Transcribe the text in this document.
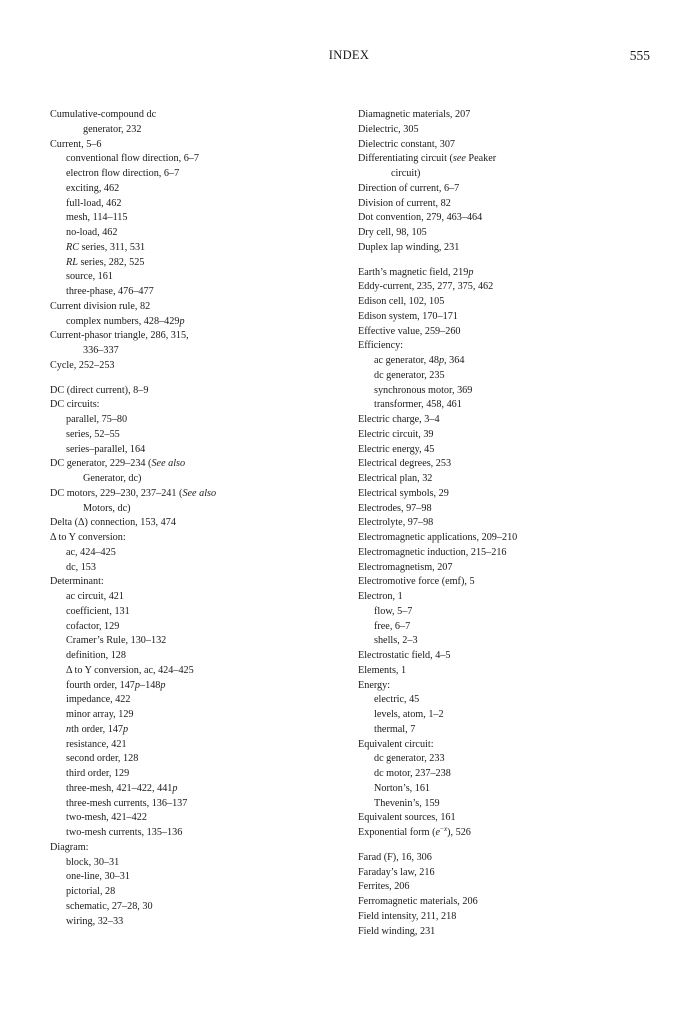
INDEX	555
Cumulative-compound dc
generator, 232
Current, 5–6
conventional flow direction, 6–7
electron flow direction, 6–7
exciting, 462
full-load, 462
mesh, 114–115
no-load, 462
RC series, 311, 531
RL series, 282, 525
source, 161
three-phase, 476–477
Current division rule, 82
complex numbers, 428–429p
Current-phasor triangle, 286, 315,
336–337
Cycle, 252–253
DC (direct current), 8–9
DC circuits:
parallel, 75–80
series, 52–55
series–parallel, 164
DC generator, 229–234 (See also
Generator, dc)
DC motors, 229–230, 237–241 (See also
Motors, dc)
Delta (Δ) connection, 153, 474
Δ to Y conversion:
ac, 424–425
dc, 153
Determinant:
ac circuit, 421
coefficient, 131
cofactor, 129
Cramer’s Rule, 130–132
definition, 128
Δ to Y conversion, ac, 424–425
fourth order, 147p–148p
impedance, 422
minor array, 129
nth order, 147p
resistance, 421
second order, 128
third order, 129
three-mesh, 421–422, 441p
three-mesh currents, 136–137
two-mesh, 421–422
two-mesh currents, 135–136
Diagram:
block, 30–31
one-line, 30–31
pictorial, 28
schematic, 27–28, 30
wiring, 32–33
Diamagnetic materials, 207
Dielectric, 305
Dielectric constant, 307
Differentiating circuit (see Peaker
circuit)
Direction of current, 6–7
Division of current, 82
Dot convention, 279, 463–464
Dry cell, 98, 105
Duplex lap winding, 231
Earth’s magnetic field, 219p
Eddy-current, 235, 277, 375, 462
Edison cell, 102, 105
Edison system, 170–171
Effective value, 259–260
Efficiency:
ac generator, 48p, 364
dc generator, 235
synchronous motor, 369
transformer, 458, 461
Electric charge, 3–4
Electric circuit, 39
Electric energy, 45
Electrical degrees, 253
Electrical plan, 32
Electrical symbols, 29
Electrodes, 97–98
Electrolyte, 97–98
Electromagnetic applications, 209–210
Electromagnetic induction, 215–216
Electromagnetism, 207
Electromotive force (emf), 5
Electron, 1
flow, 5–7
free, 6–7
shells, 2–3
Electrostatic field, 4–5
Elements, 1
Energy:
electric, 45
levels, atom, 1–2
thermal, 7
Equivalent circuit:
dc generator, 233
dc motor, 237–238
Norton’s, 161
Thevenin’s, 159
Equivalent sources, 161
Exponential form $(e^{-x})$, 526
Farad (F), 16, 306
Faraday’s law, 216
Ferrites, 206
Ferromagnetic materials, 206
Field intensity, 211, 218
Field winding, 231
